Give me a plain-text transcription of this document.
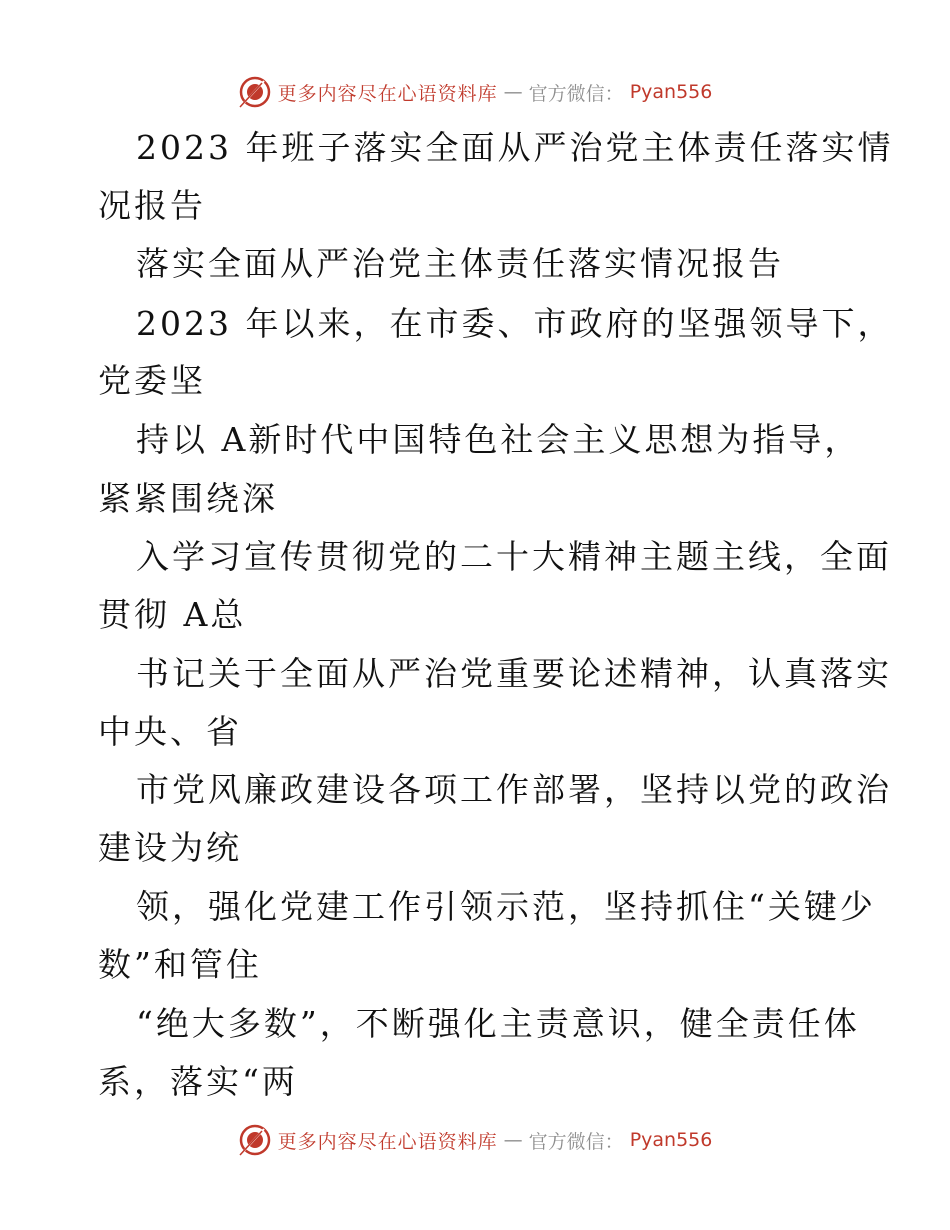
更多内容尽在心语资料库 — 官方微信： Pyan556
2023 年班子落实全面从严治党主体责任落实情
况报告
落实全面从严治党主体责任落实情况报告
2023 年以来，在市委、市政府的坚强领导下，
党委坚
持以 A新时代中国特色社会主义思想为指导，
紧紧围绕深
入学习宣传贯彻党的二十大精神主题主线，全面
贯彻 A总
书记关于全面从严治党重要论述精神，认真落实
中央、省
市党风廉政建设各项工作部署，坚持以党的政治
建设为统
领，强化党建工作引领示范，坚持抓住“关键少
数”和管住
“绝大多数”，不断强化主责意识，健全责任体
系，落实“两
更多内容尽在心语资料库 — 官方微信： Pyan556
